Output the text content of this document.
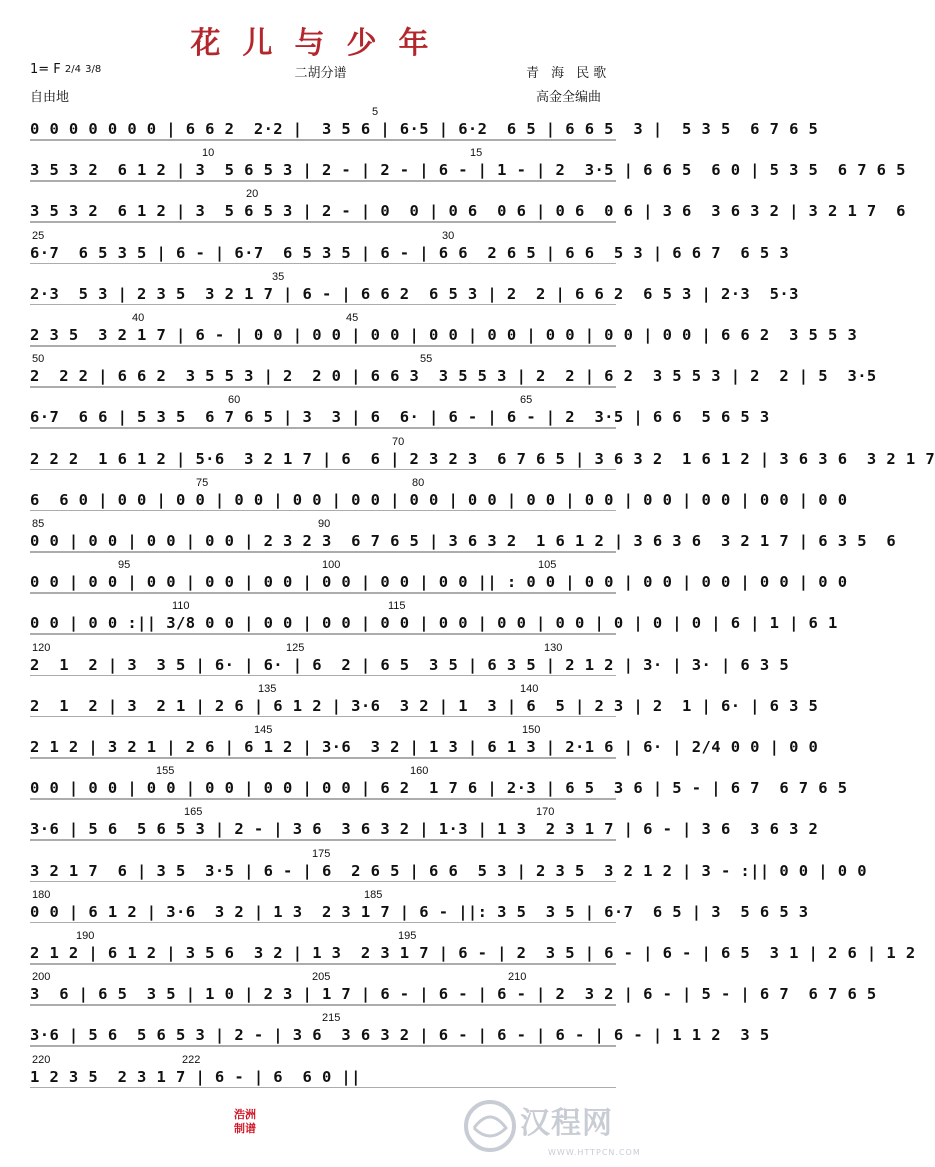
花儿与少年
1= F 2/4 3/8	二胡分谱	青 海 民歌
自由地	高金全编曲
0 0 0 0 0 0 0 | 6 6 2  2·2 |  3 5 6 | 6·5 | 6·2  6 5 | 6 6 5  3 |  5 3 5  6 7 6 5
3 5 3 2  6 1 2 | 3  5 6 5 3 | 2 - | 2 - | 6 - | 1 - | 2  3·5 | 6 6 5  6 0 | 5 3 5  6 7 6 5
3 5 3 2  6 1 2 | 3  5 6 5 3 | 2 - | 0  0 | 0 6  0 6 | 0 6  0 6 | 3 6  3 6 3 2 | 3 2 1 7  6
6·7  6 5 3 5 | 6 - | 6·7  6 5 3 5 | 6 - | 6 6  2 6 5 | 6 6  5 3 | 6 6 7  6 5 3
2·3  5 3 | 2 3 5  3 2 1 7 | 6 - | 6 6 2  6 5 3 | 2  2 | 6 6 2  6 5 3 | 2·3  5·3
2 3 5  3 2 1 7 | 6 - | 0 0 | 0 0 | 0 0 | 0 0 | 0 0 | 0 0 | 0 0 | 0 0 | 6 6 2  3 5 5 3
2  2 2 | 6 6 2  3 5 5 3 | 2  2 0 | 6 6 3  3 5 5 3 | 2  2 | 6 2  3 5 5 3 | 2  2 | 5  3·5
6·7  6 6 | 5 3 5  6 7 6 5 | 3  3 | 6  6· | 6 - | 6 - | 2  3·5 | 6 6  5 6 5 3
2 2 2  1 6 1 2 | 5·6  3 2 1 7 | 6  6 | 2 3 2 3  6 7 6 5 | 3 6 3 2  1 6 1 2 | 3 6 3 6  3 2 1 7
6  6 0 | 0 0 | 0 0 | 0 0 | 0 0 | 0 0 | 0 0 | 0 0 | 0 0 | 0 0 | 0 0 | 0 0 | 0 0 | 0 0
0 0 | 0 0 | 0 0 | 0 0 | 2 3 2 3  6 7 6 5 | 3 6 3 2  1 6 1 2 | 3 6 3 6  3 2 1 7 | 6 3 5  6
0 0 | 0 0 | 0 0 | 0 0 | 0 0 | 0 0 | 0 0 | 0 0 || : 0 0 | 0 0 | 0 0 | 0 0 | 0 0 | 0 0
0 0 | 0 0 :|| 3/8 0 0 | 0 0 | 0 0 | 0 0 | 0 0 | 0 0 | 0 0 | 0 | 0 | 0 | 6 | 1 | 6 1
2  1  2 | 3  3 5 | 6· | 6· | 6  2 | 6 5  3 5 | 6 3 5 | 2 1 2 | 3· | 3· | 6 3 5
2  1  2 | 3  2 1 | 2 6 | 6 1 2 | 3·6  3 2 | 1  3 | 6  5 | 2 3 | 2  1 | 6· | 6 3 5
2 1 2 | 3 2 1 | 2 6 | 6 1 2 | 3·6  3 2 | 1 3 | 6 1 3 | 2·1 6 | 6· | 2/4 0 0 | 0 0
0 0 | 0 0 | 0 0 | 0 0 | 0 0 | 0 0 | 6 2  1 7 6 | 2·3 | 6 5  3 6 | 5 - | 6 7  6 7 6 5
3·6 | 5 6  5 6 5 3 | 2 - | 3 6  3 6 3 2 | 1·3 | 1 3  2 3 1 7 | 6 - | 3 6  3 6 3 2
3 2 1 7  6 | 3 5  3·5 | 6 - | 6  2 6 5 | 6 6  5 3 | 2 3 5  3 2 1 2 | 3 - :|| 0 0 | 0 0
0 0 | 6 1 2 | 3·6  3 2 | 1 3  2 3 1 7 | 6 - ||: 3 5  3 5 | 6·7  6 5 | 3  5 6 5 3
2 1 2 | 6 1 2 | 3 5 6  3 2 | 1 3  2 3 1 7 | 6 - | 2  3 5 | 6 - | 6 - | 6 5  3 1 | 2 6 | 1 2
3  6 | 6 5  3 5 | 1 0 | 2 3 | 1 7 | 6 - | 6 - | 6 - | 2  3 2 | 6 - | 5 - | 6 7  6 7 6 5
3·6 | 5 6  5 6 5 3 | 2 - | 3 6  3 6 3 2 | 6 - | 6 - | 6 - | 6 - | 1 1 2  3 5
1 2 3 5  2 3 1 7 | 6 - | 6  6 0 ||
浩洲制谱	汉程网
WWW.HTTPCN.COM
5
10	15
20
25	30
35
40	45
50	55
60	65
70
75	80
85	90
95	100	105
110	115
120	125	130
135	140
145	150
155	160
165	170
175
180	185
190	195
200	205	210
215
220	222
